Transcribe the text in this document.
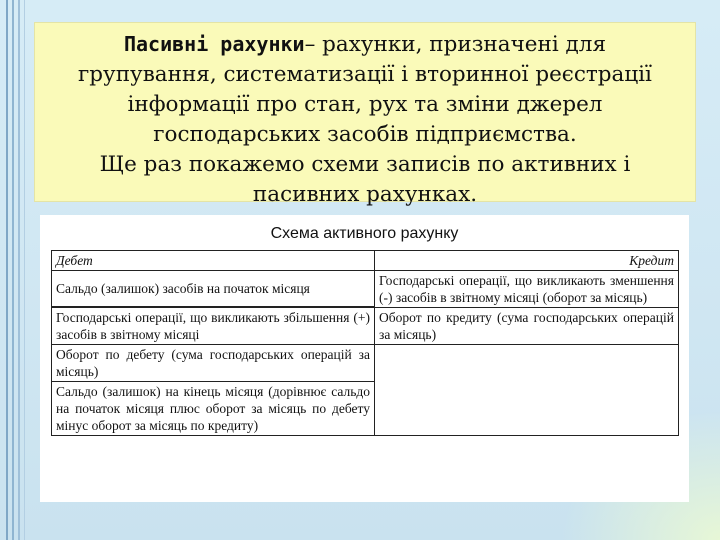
Пасивні рахунки– рахунки, призначені для

групування, систематизації і вторинної реєстрації

інформації про стан, рух та зміни джерел

господарських засобів підприємства.

Ще раз покажемо схеми записів по активних і

пасивних рахунках.

Схема активного рахунку
Дебет	Кредит
Сальдо (залишок) засобів на початок місяця	Господарські операції, що викликають зменшення (-) засобів в звітному місяці (оборот за місяць)

Господарські операції, що викликають збільшення (+) засобів в звітному місяці	Оборот по кредиту (сума господарських операцій за місяць)
Оборот по дебету (сума господарських операцій за місяць)	
Сальдо (залишок) на кінець місяця (дорівнює сальдо на початок місяця плюс оборот за місяць по дебету мінус оборот за місяць по кредиту)	
